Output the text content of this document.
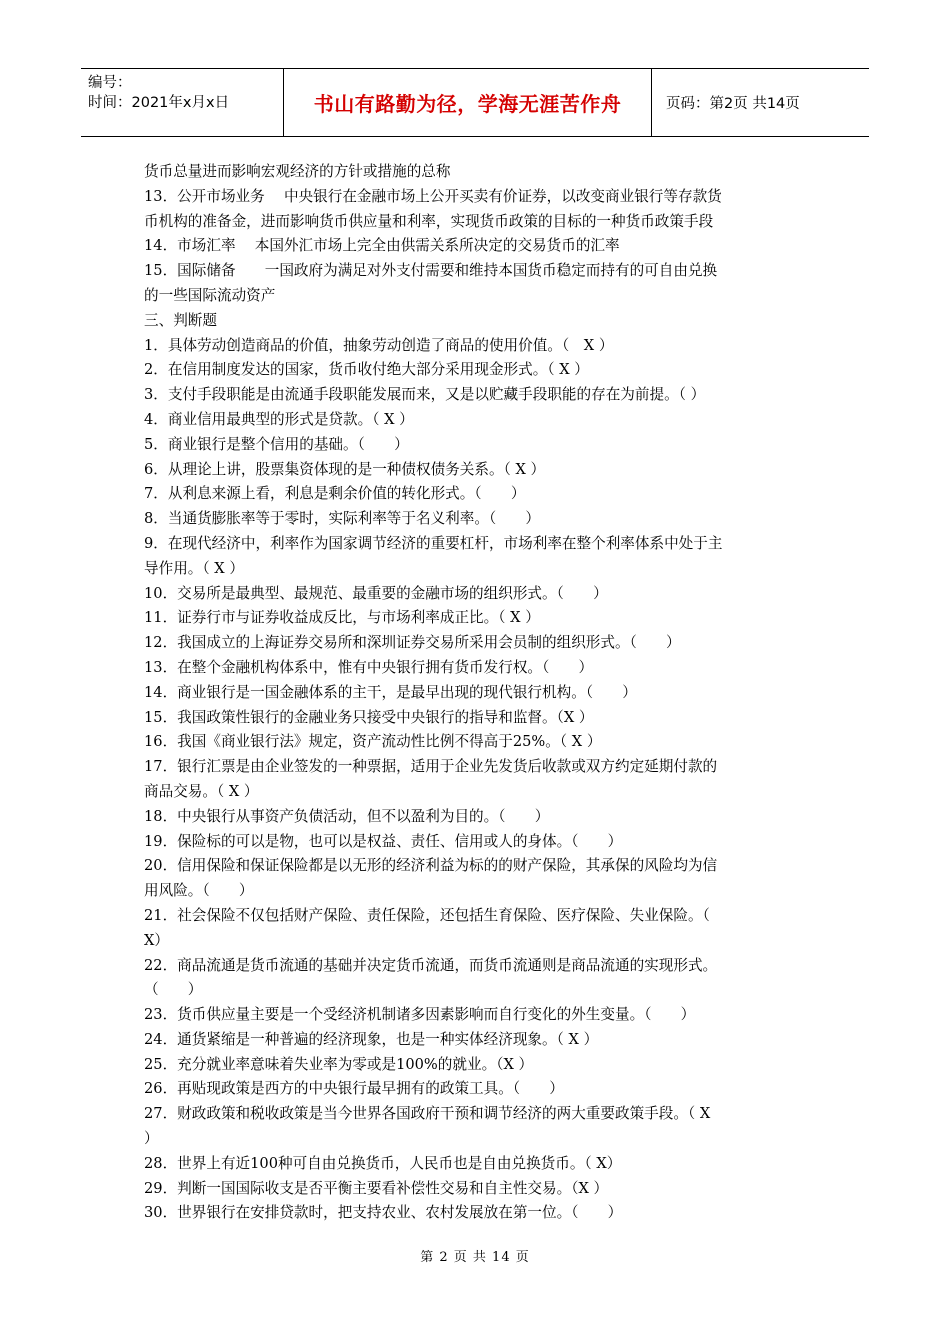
编号：
时间：2021年x月x日	书山有路勤为径，学海无涯苦作舟	页码：第2页 共14页
货币总量进而影响宏观经济的方针或措施的总称
13．公开市场业务　 中央银行在金融市场上公开买卖有价证券，以改变商业银行等存款货
币机构的准备金，进而影响货币供应量和利率，实现货币政策的目标的一种货币政策手段
14．市场汇率　 本国外汇市场上完全由供需关系所决定的交易货币的汇率
15．国际储备　　一国政府为满足对外支付需要和维持本国货币稳定而持有的可自由兑换
的一些国际流动资产
三、判断题
1．具体劳动创造商品的价值，抽象劳动创造了商品的使用价值。（　X ）
2．在信用制度发达的国家，货币收付绝大部分采用现金形式。（ X ）
3．支付手段职能是由流通手段职能发展而来，又是以贮藏手段职能的存在为前提。（ ）
4．商业信用最典型的形式是贷款。（ X ）
5．商业银行是整个信用的基础。（　　）
6．从理论上讲，股票集资体现的是一种债权债务关系。（ X ）
7．从利息来源上看，利息是剩余价值的转化形式。（　　）
8．当通货膨胀率等于零时，实际利率等于名义利率。（　　）
9．在现代经济中，利率作为国家调节经济的重要杠杆，市场利率在整个利率体系中处于主
导作用。（ X ）
10．交易所是最典型、最规范、最重要的金融市场的组织形式。（　　）
11．证券行市与证券收益成反比，与市场利率成正比。（ X ）
12．我国成立的上海证券交易所和深圳证券交易所采用会员制的组织形式。（　　）
13．在整个金融机构体系中，惟有中央银行拥有货币发行权。（　　）
14．商业银行是一国金融体系的主干，是最早出现的现代银行机构。（　　）
15．我国政策性银行的金融业务只接受中央银行的指导和监督。（X ）
16．我国《商业银行法》规定，资产流动性比例不得高于25%。（ X ）
17．银行汇票是由企业签发的一种票据，适用于企业先发货后收款或双方约定延期付款的
商品交易。（ X ）
18．中央银行从事资产负债活动，但不以盈利为目的。（　　）
19．保险标的可以是物，也可以是权益、责任、信用或人的身体。（　　）
20．信用保险和保证保险都是以无形的经济利益为标的的财产保险，其承保的风险均为信
用风险。（　　）
21．社会保险不仅包括财产保险、责任保险，还包括生育保险、医疗保险、失业保险。（
X）
22．商品流通是货币流通的基础并决定货币流通，而货币流通则是商品流通的实现形式。
（　　）
23．货币供应量主要是一个受经济机制诸多因素影响而自行变化的外生变量。（　　）
24．通货紧缩是一种普遍的经济现象，也是一种实体经济现象。（ X ）
25．充分就业率意味着失业率为零或是100%的就业。（X ）
26．再贴现政策是西方的中央银行最早拥有的政策工具。（　　）
27．财政政策和税收政策是当今世界各国政府干预和调节经济的两大重要政策手段。（ X
）
28．世界上有近100种可自由兑换货币，人民币也是自由兑换货币。（ X）
29．判断一国国际收支是否平衡主要看补偿性交易和自主性交易。（X ）
30．世界银行在安排贷款时，把支持农业、农村发展放在第一位。（　　）
第 2 页 共 14 页
